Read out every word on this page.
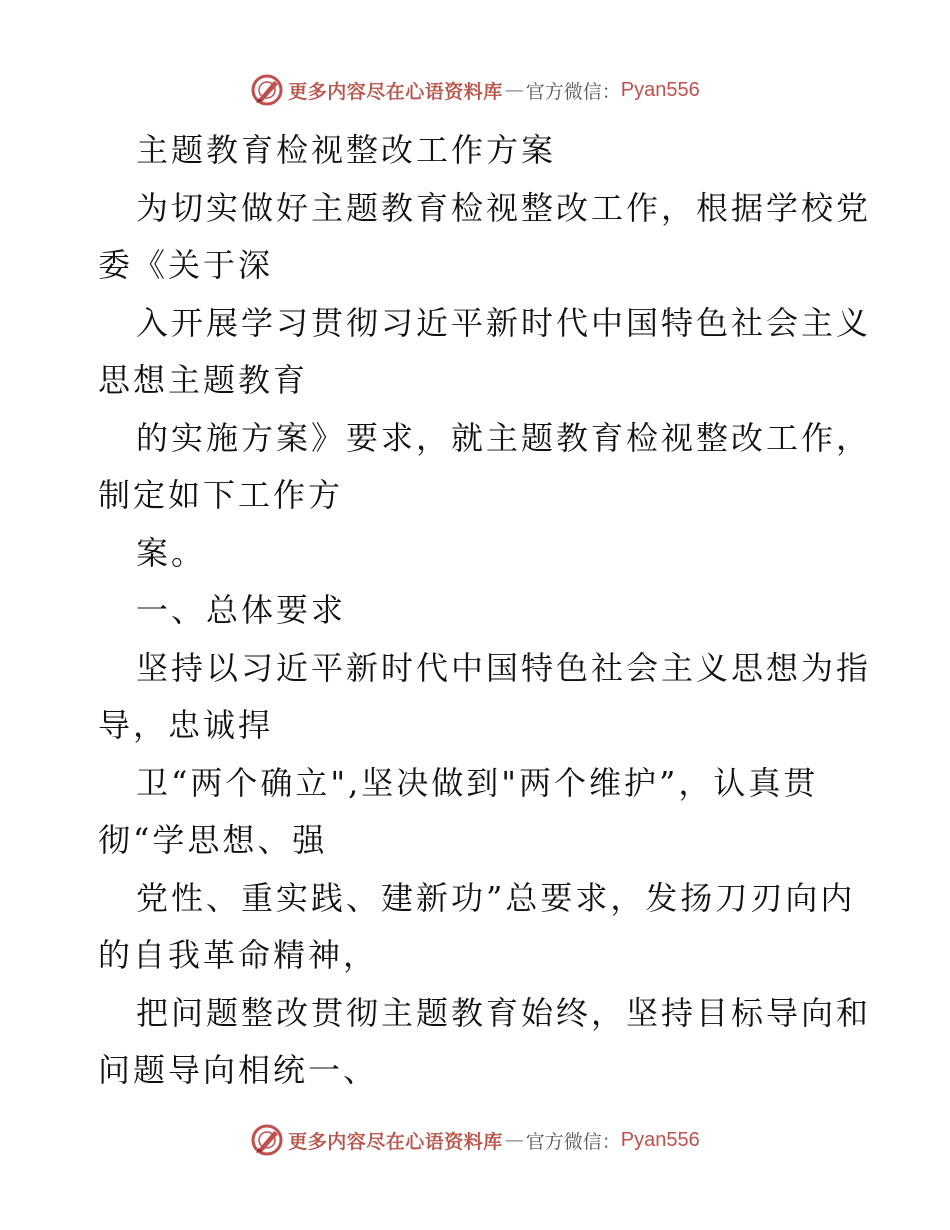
更多内容尽在心语资料库 — 官方微信： Pyan556
主题教育检视整改工作方案
为切实做好主题教育检视整改工作，根据学校党
委《关于深
入开展学习贯彻习近平新时代中国特色社会主义
思想主题教育
的实施方案》要求，就主题教育检视整改工作，
制定如下工作方
案。
一、总体要求
坚持以习近平新时代中国特色社会主义思想为指
导，忠诚捍
卫“两个确立",坚决做到"两个维护”，认真贯
彻“学思想、强
党性、重实践、建新功”总要求，发扬刀刃向内
的自我革命精神，
把问题整改贯彻主题教育始终，坚持目标导向和
问题导向相统一、
更多内容尽在心语资料库 — 官方微信： Pyan556
